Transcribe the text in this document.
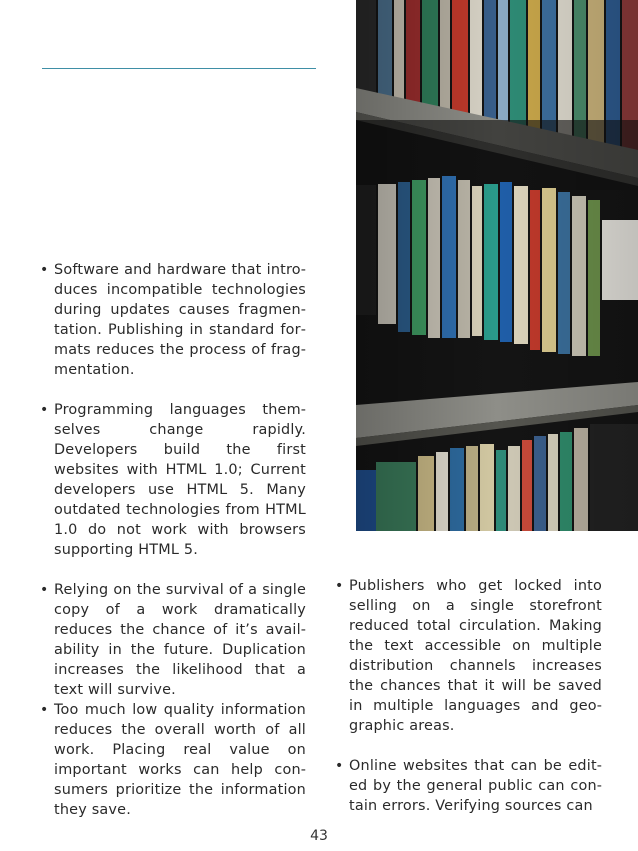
• Software and hardware that introduces incompatible technologies during updates causes fragmentation. Publishing in standard formats reduces the process of fragmentation.
• Programming languages themselves change rapidly. Developers build the first websites with HTML 1.0; Current developers use HTML 5. Many outdated technologies from HTML 1.0 do not work with browsers supporting HTML 5.
• Relying on the survival of a single copy of a work dramatically reduces the chance of it’s availability in the future. Duplication increases the likelihood that a text will survive.
• Too much low quality information reduces the overall worth of all work. Placing real value on important works can help consumers prioritize the information they save.
• Publishers who get locked into selling on a single storefront reduced total circulation. Making the text accessible on multiple distribution channels increases the chances that it will be saved in multiple languages and geographic areas.
• Online websites that can be edited by the general public can contain errors. Verifying sources can
43
